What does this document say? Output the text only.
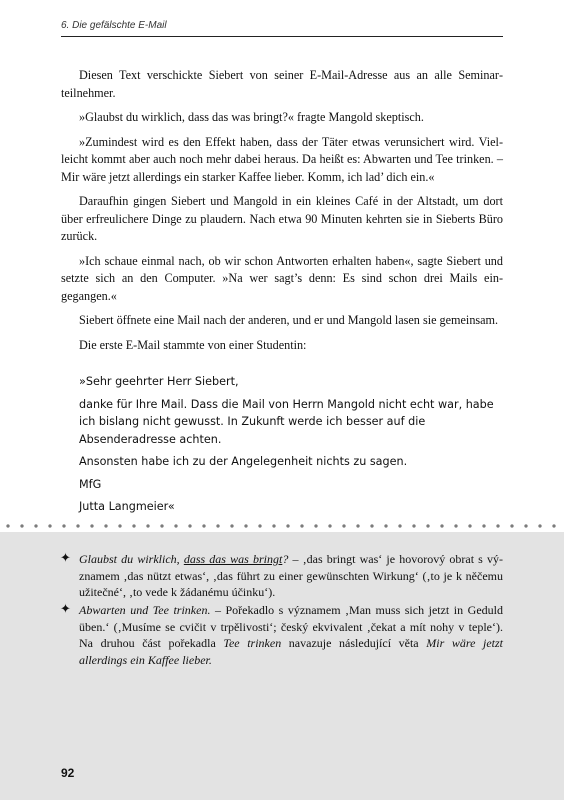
6. Die gefälschte E-Mail

Diesen Text verschickte Siebert von seiner E-Mail-Adresse aus an alle Seminarteilnehmer.

»Glaubst du wirklich, dass das was bringt?« fragte Mangold skeptisch.

»Zumindest wird es den Effekt haben, dass der Täter etwas verunsichert wird. Vielleicht kommt aber auch noch mehr dabei heraus. Da heißt es: Abwarten und Tee trinken. – Mir wäre jetzt allerdings ein starker Kaffee lieber. Komm, ich lad’ dich ein.«

Daraufhin gingen Siebert und Mangold in ein kleines Café in der Altstadt, um dort über erfreulichere Dinge zu plaudern. Nach etwa 90 Minuten kehrten sie in Sieberts Büro zurück.

»Ich schaue einmal nach, ob wir schon Antworten erhalten haben«, sagte Siebert und setzte sich an den Computer. »Na wer sagt’s denn: Es sind schon drei Mails eingegangen.«

Siebert öffnete eine Mail nach der anderen, und er und Mangold lasen sie gemeinsam.

Die erste E-Mail stammte von einer Studentin:

»Sehr geehrter Herr Siebert,

danke für Ihre Mail. Dass die Mail von Herrn Mangold nicht echt war, habe ich bislang nicht gewusst. In Zukunft werde ich besser auf die Absenderadresse achten.

Ansonsten habe ich zu der Angelegenheit nichts zu sagen.

MfG

Jutta Langmeier«

✦ Glaubst du wirklich, dass das was bringt? – ‚das bringt was‘ je hovorový obrat s významem ‚das nützt etwas‘, ‚das führt zu einer gewünschten Wirkung‘ (‚to je k něčemu užitečné‘, ‚to vede k žádanému účinku‘).
✦ Abwarten und Tee trinken. – Pořekadlo s významem ‚Man muss sich jetzt in Geduld üben.‘ (‚Musíme se cvičit v trpělivosti‘; český ekvivalent ‚čekat a mít nohy v teple‘). Na druhou část pořekadla Tee trinken navazuje následující věta Mir wäre jetzt allerdings ein Kaffee lieber.
92
